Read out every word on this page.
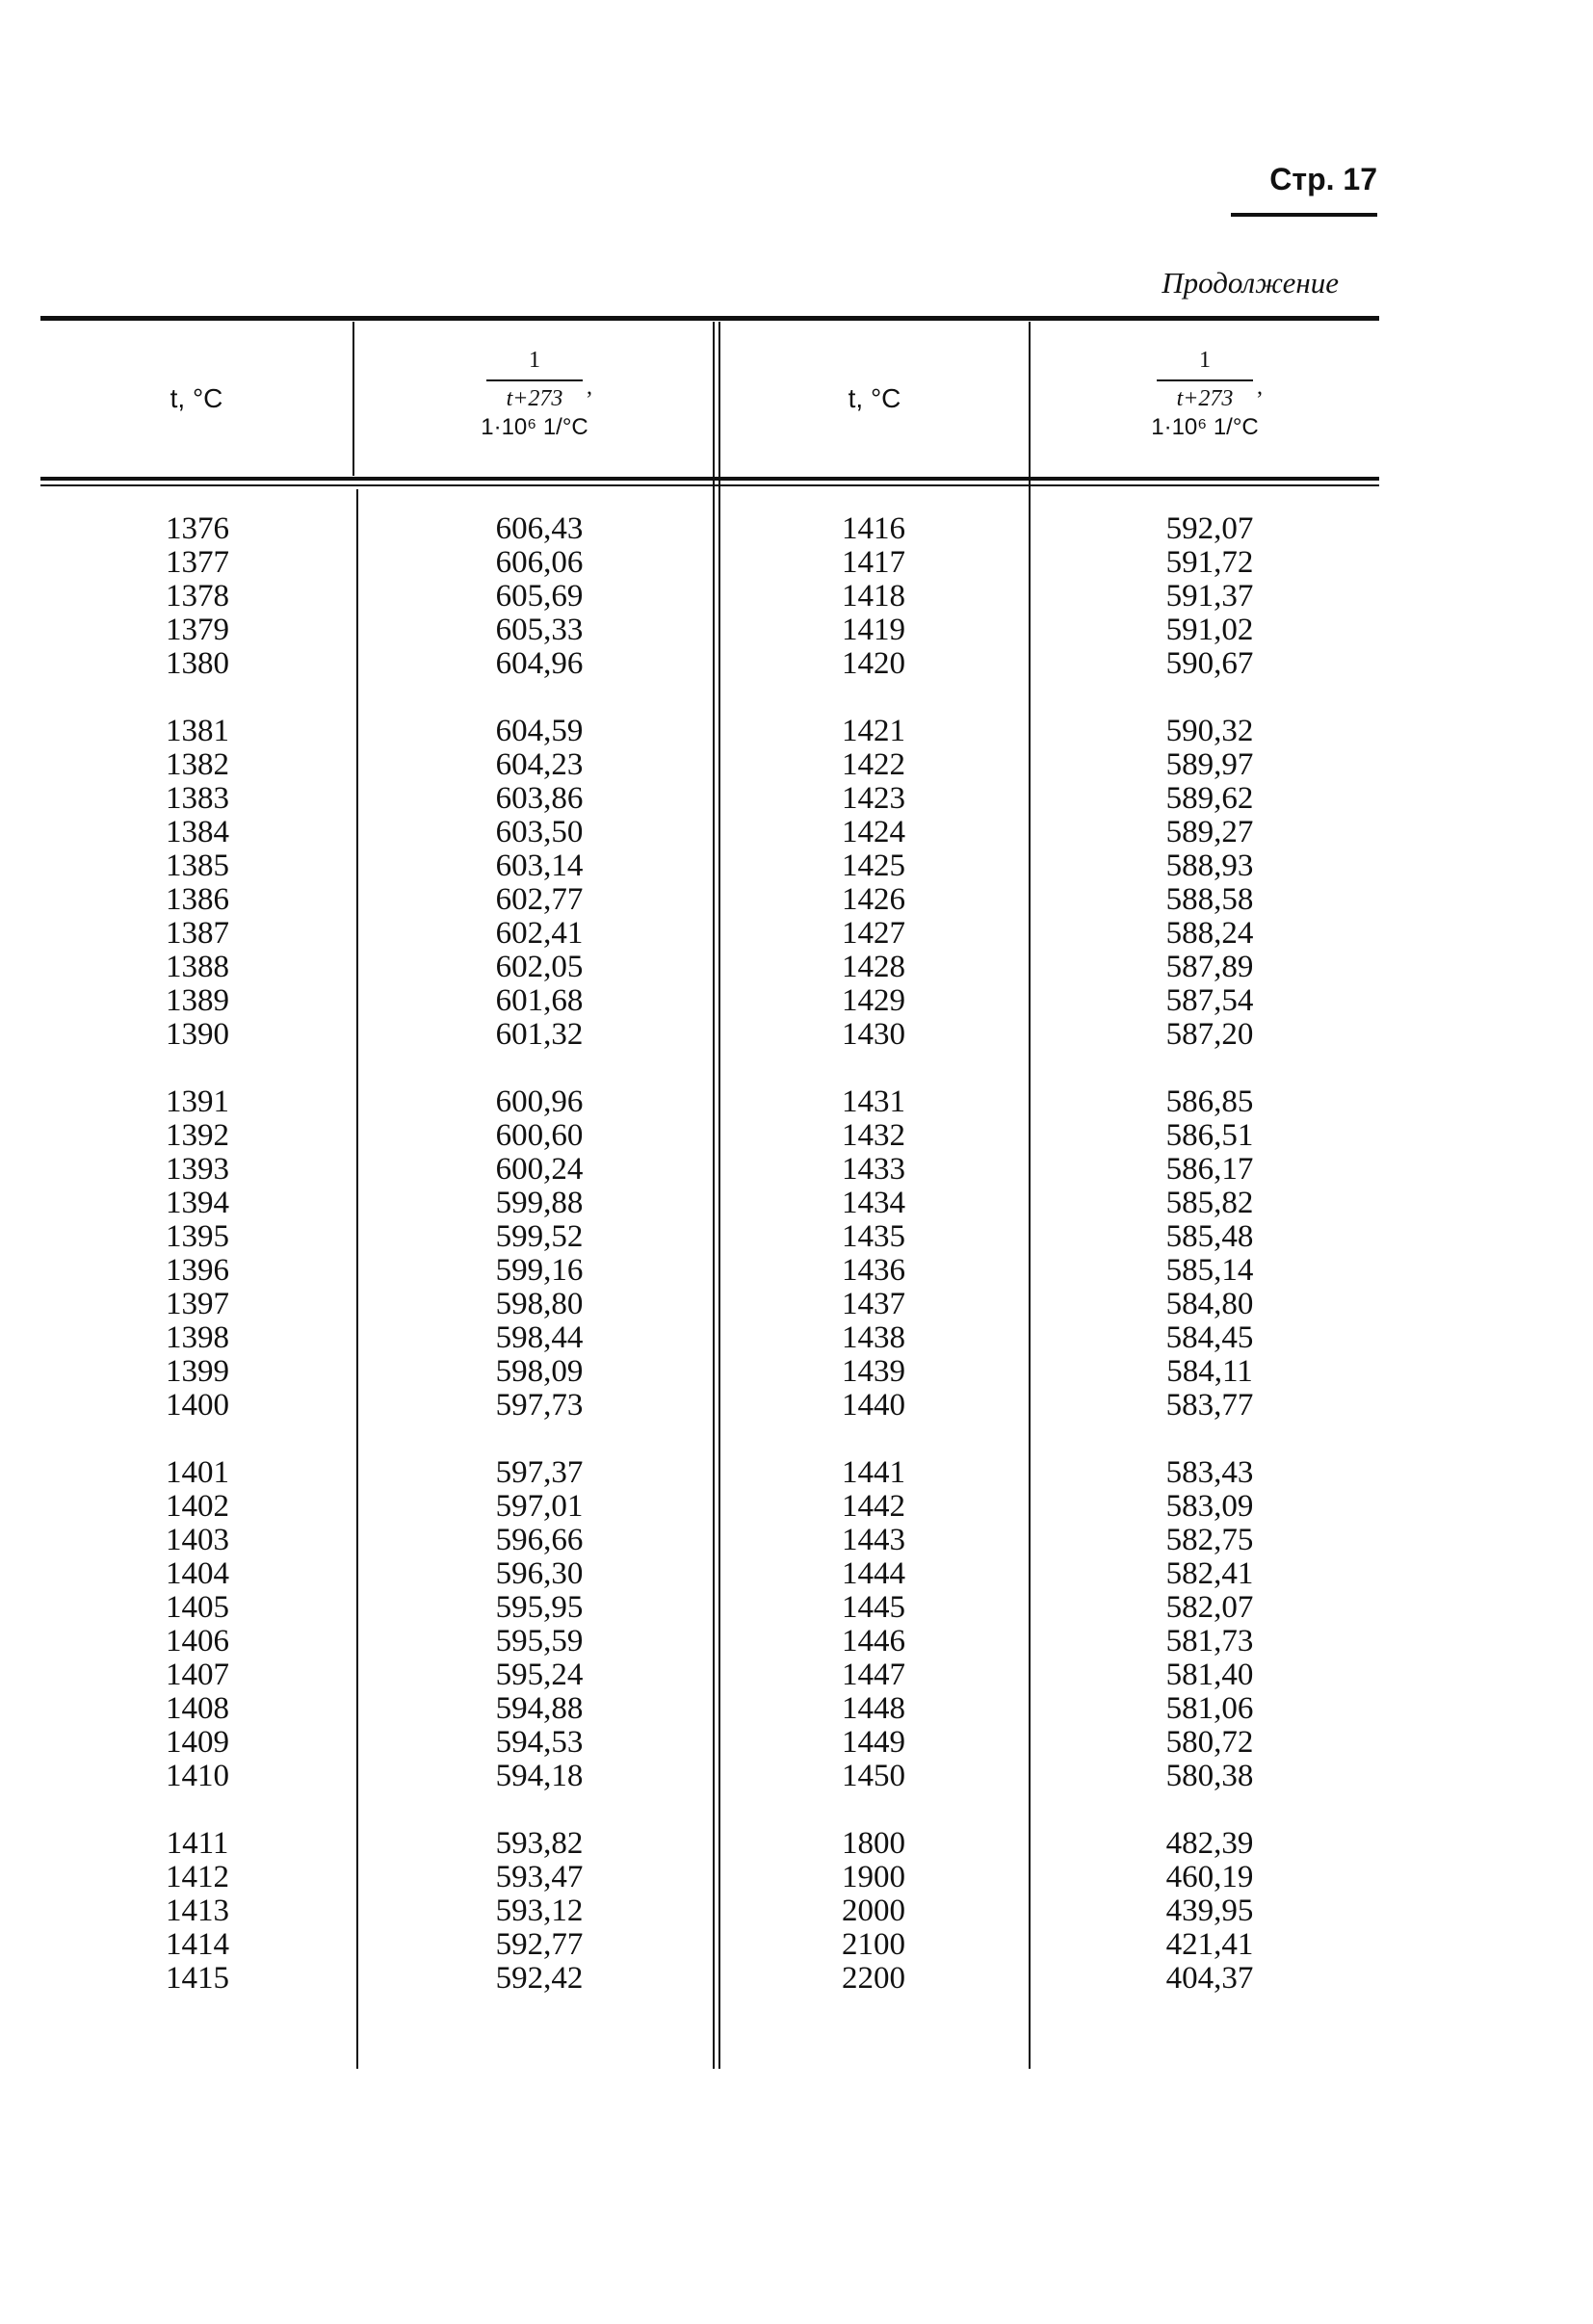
Стр. 17
Продолжение
t, °C
1
t+273	,
1·10⁶ 1/°C
t, °C
1
t+273	,
1·10⁶ 1/°C
1376
1377
1378
1379
1380
1381
1382
1383
1384
1385
1386
1387
1388
1389
1390
1391
1392
1393
1394
1395
1396
1397
1398
1399
1400
1401
1402
1403
1404
1405
1406
1407
1408
1409
1410
1411
1412
1413
1414
1415
606,43
606,06
605,69
605,33
604,96
604,59
604,23
603,86
603,50
603,14
602,77
602,41
602,05
601,68
601,32
600,96
600,60
600,24
599,88
599,52
599,16
598,80
598,44
598,09
597,73
597,37
597,01
596,66
596,30
595,95
595,59
595,24
594,88
594,53
594,18
593,82
593,47
593,12
592,77
592,42
1416
1417
1418
1419
1420
1421
1422
1423
1424
1425
1426
1427
1428
1429
1430
1431
1432
1433
1434
1435
1436
1437
1438
1439
1440
1441
1442
1443
1444
1445
1446
1447
1448
1449
1450
1800
1900
2000
2100
2200
592,07
591,72
591,37
591,02
590,67
590,32
589,97
589,62
589,27
588,93
588,58
588,24
587,89
587,54
587,20
586,85
586,51
586,17
585,82
585,48
585,14
584,80
584,45
584,11
583,77
583,43
583,09
582,75
582,41
582,07
581,73
581,40
581,06
580,72
580,38
482,39
460,19
439,95
421,41
404,37
